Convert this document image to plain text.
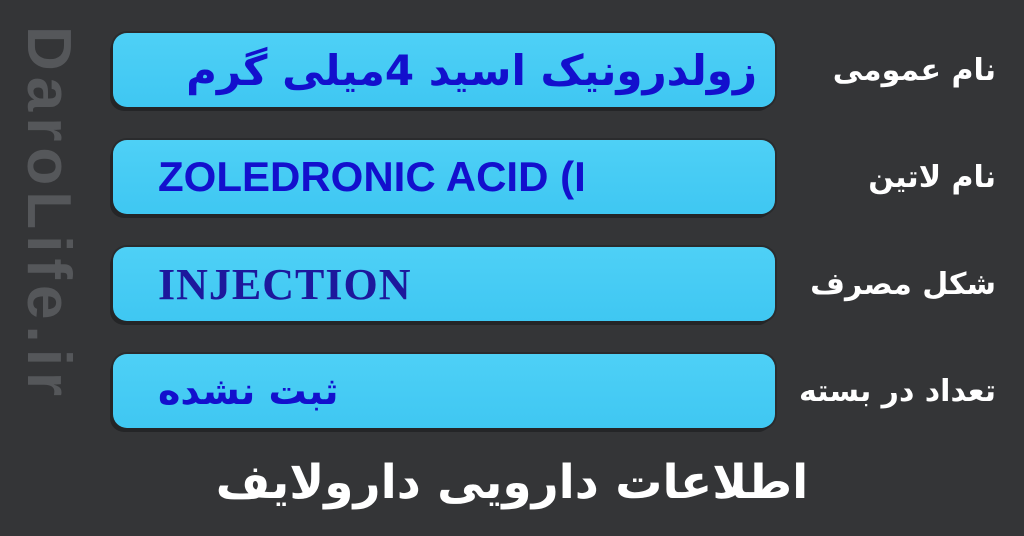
DaroLife.ir	زولدرونیک اسید 4میلی گرم	نام عمومی
ZOLEDRONIC ACID (I	نام لاتین
INJECTION	شکل مصرف
ثبت نشده	تعداد در بسته
اطلاعات دارویی دارولایف
